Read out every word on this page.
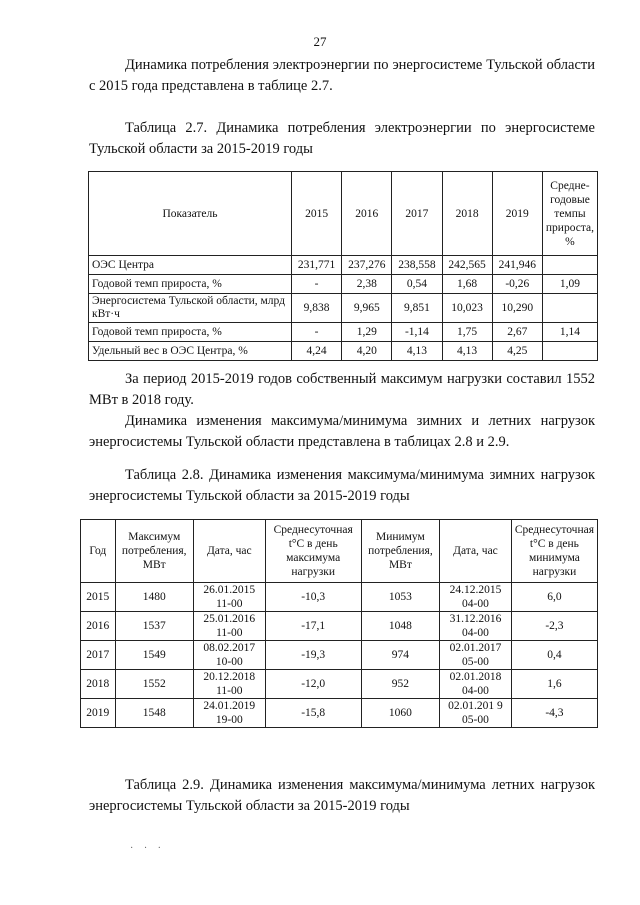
27
Динамика потребления электроэнергии по энергосистеме Тульской области с 2015 года представлена в таблице 2.7.
Таблица 2.7. Динамика потребления электроэнергии по энергосистеме Тульской области за 2015-2019 годы
Показатель	2015	2016	2017	2018	2019	Средне-годовые темпы прироста, %
ОЭС Центра	231,771	237,276	238,558	242,565	241,946	
Годовой темп прироста, %	-	2,38	0,54	1,68	-0,26	1,09
Энергосистема Тульской области, млрд кВт·ч	9,838	9,965	9,851	10,023	10,290	
Годовой темп прироста, %	-	1,29	-1,14	1,75	2,67	1,14
Удельный вес в ОЭС Центра, %	4,24	4,20	4,13	4,13	4,25	
За период 2015-2019 годов собственный максимум нагрузки составил 1552 МВт в 2018 году.
Динамика изменения максимума/минимума зимних и летних нагрузок энергосистемы Тульской области представлена в таблицах 2.8 и 2.9.
Таблица 2.8. Динамика изменения максимума/минимума зимних нагрузок энергосистемы Тульской области за 2015-2019 годы
Год	Максимум потребления, МВт	Дата, час	Среднесуточная t°С в день максимума нагрузки	Минимум потребления, МВт	Дата, час	Среднесуточная t°С в день минимума нагрузки
2015	1480	26.01.2015 11-00	-10,3	1053	24.12.2015 04-00	6,0
2016	1537	25.01.2016 11-00	-17,1	1048	31.12.2016 04-00	-2,3
2017	1549	08.02.2017 10-00	-19,3	974	02.01.2017 05-00	0,4
2018	1552	20.12.2018 11-00	-12,0	952	02.01.2018 04-00	1,6
2019	1548	24.01.2019 19-00	-15,8	1060	02.01.201 9 05-00	-4,3
Таблица 2.9. Динамика изменения максимума/минимума летних нагрузок энергосистемы Тульской области за 2015-2019 годы
· · ·
